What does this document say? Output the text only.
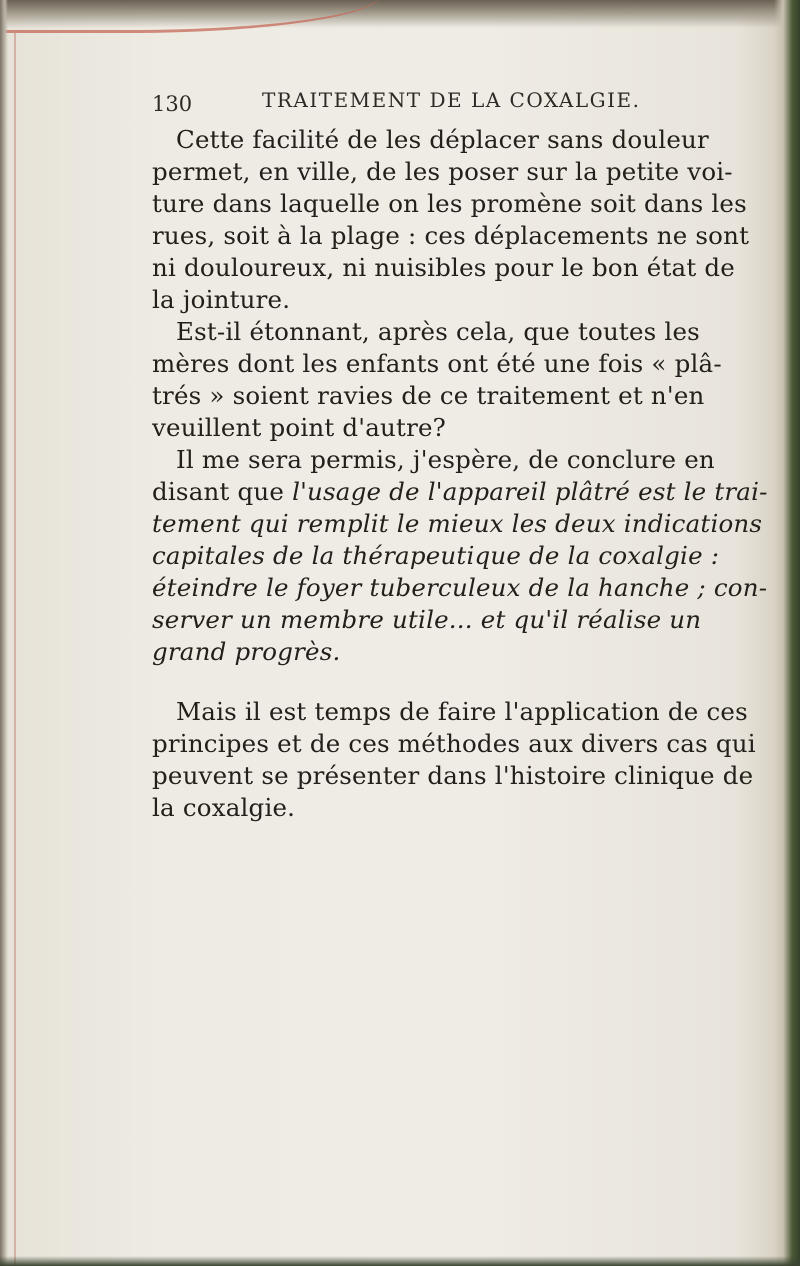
130	TRAITEMENT DE LA COXALGIE.
Cette facilité de les déplacer sans douleur
permet, en ville, de les poser sur la petite voi-
ture dans laquelle on les promène soit dans les
rues, soit à la plage : ces déplacements ne sont
ni douloureux, ni nuisibles pour le bon état de
la jointure.
Est-il étonnant, après cela, que toutes les
mères dont les enfants ont été une fois « plâ-
trés » soient ravies de ce traitement et n'en
veuillent point d'autre?
Il me sera permis, j'espère, de conclure en
disant que l'usage de l'appareil plâtré est le trai-
tement qui remplit le mieux les deux indications
capitales de la thérapeutique de la coxalgie :
éteindre le foyer tuberculeux de la hanche ; con-
server un membre utile... et qu'il réalise un
grand progrès.
Mais il est temps de faire l'application de ces
principes et de ces méthodes aux divers cas qui
peuvent se présenter dans l'histoire clinique de
la coxalgie.
